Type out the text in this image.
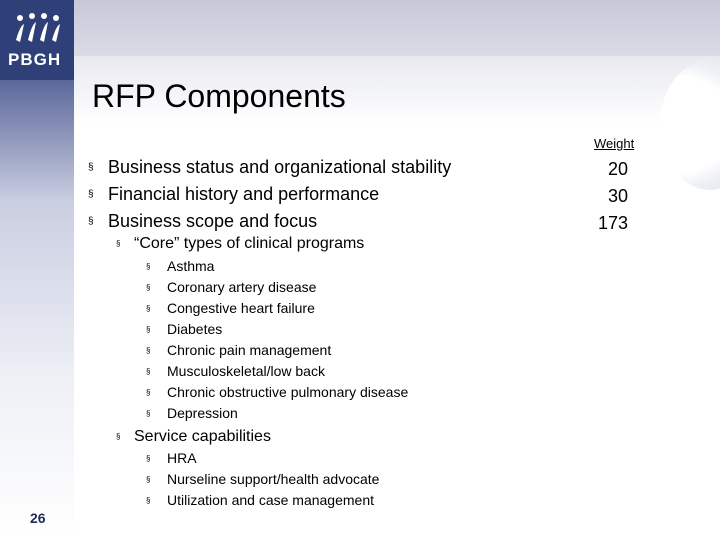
PBGH
RFP Components
Weight
§ Business status and organizational stability
§ Financial history and performance
§ Business scope and focus
20
30
173
§ “Core” types of clinical programs
§ Asthma
§ Coronary artery disease
§ Congestive heart failure
§ Diabetes
§ Chronic pain management
§ Musculoskeletal/low back
§ Chronic obstructive pulmonary disease
§ Depression
§ Service capabilities
§ HRA
§ Nurseline support/health advocate
§ Utilization and case management
26
